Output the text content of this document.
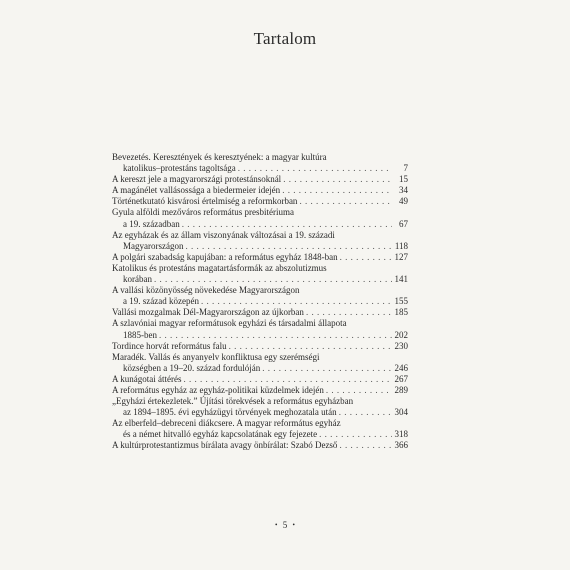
Tartalom
Bevezetés. Keresztények és keresztyének: a magyar kultúra
katolikus–protestáns tagoltsága . . .	7
A kereszt jele a magyarországi protestánsoknál . . .	15
A magánélet vallásossága a biedermeier idején . . .	34
Történetkutató kisvárosi értelmiség a reformkorban . . .	49
Gyula alföldi mezőváros református presbitériuma
a 19. században . . .	67
Az egyházak és az állam viszonyának változásai a 19. századi
Magyarországon . . .	118
A polgári szabadság kapujában: a református egyház 1848-ban . . .	127
Katolikus és protestáns magatartásformák az abszolutizmus
korában . . .	141
A vallási közönyösség növekedése Magyarországon
a 19. század közepén . . .	155
Vallási mozgalmak Dél-Magyarországon az újkorban . . .	185
A szlavóniai magyar reformátusok egyházi és társadalmi állapota
1885-ben . . .	202
Tordince horvát református falu . . .	230
Maradék. Vallás és anyanyelv konfliktusa egy szerémségi
községben a 19–20. század fordulóján . . .	246
A kunágotai áttérés . . .	267
A református egyház az egyház-politikai küzdelmek idején . . .	289
„Egyházi értekezletek.” Újítási törekvések a református egyházban
az 1894–1895. évi egyházügyi törvények meghozatala után . . .	304
Az elberfeld–debreceni diákcsere. A magyar református egyház
és a német hitvalló egyház kapcsolatának egy fejezete . . .	318
A kultúrprotestantizmus bírálata avagy önbírálat: Szabó Dezső . . .	366
• 5 •
